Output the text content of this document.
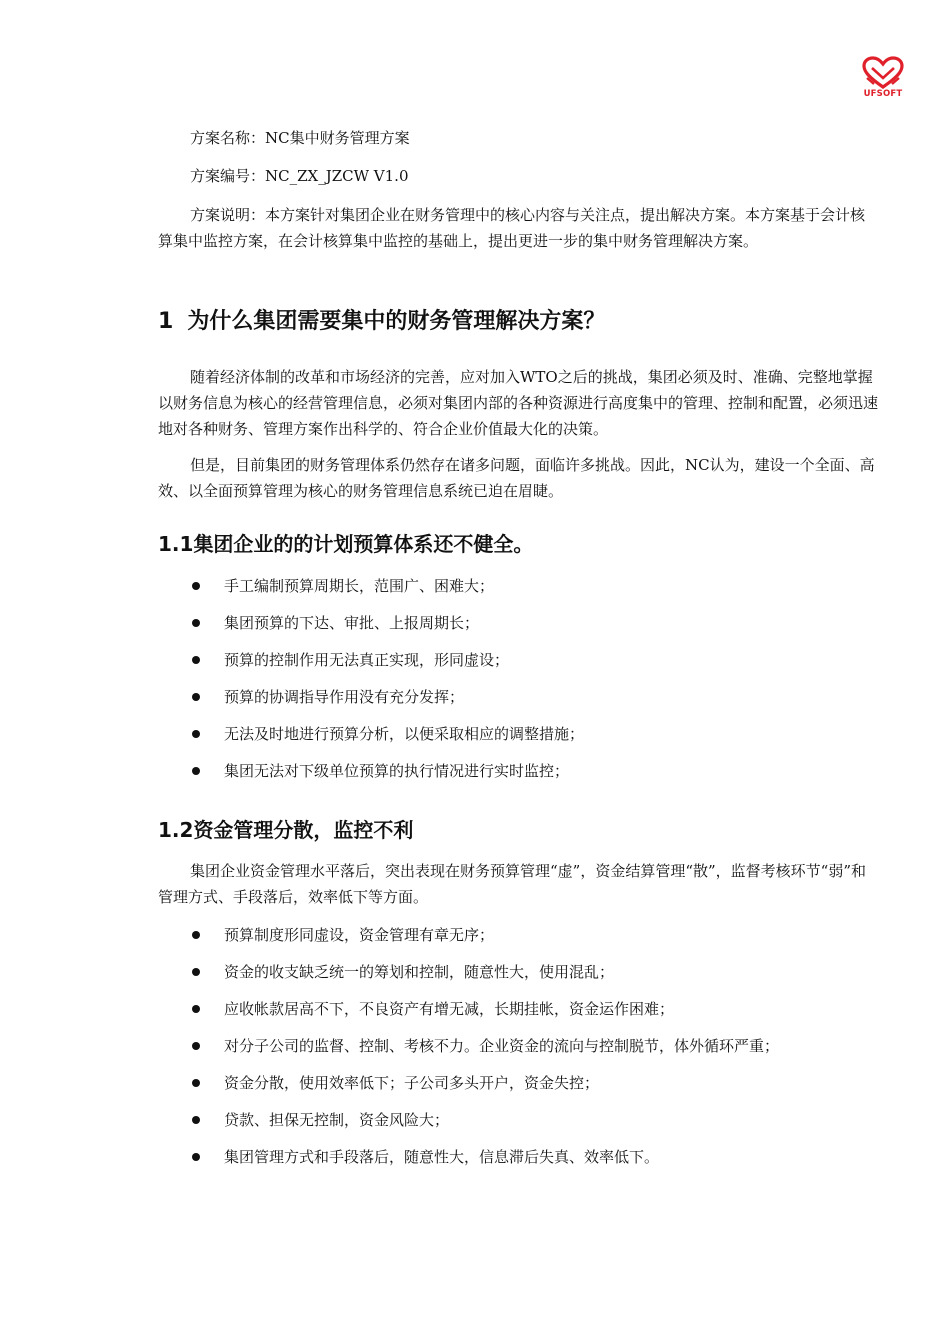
UFSOFT
方案名称：NC集中财务管理方案
方案编号：NC_ZX_JZCW V1.0
方案说明：本方案针对集团企业在财务管理中的核心内容与关注点，提出解决方案。本方案基于会计核算集中监控方案，在会计核算集中监控的基础上，提出更进一步的集中财务管理解决方案。
1 为什么集团需要集中的财务管理解决方案？
随着经济体制的改革和市场经济的完善，应对加入WTO之后的挑战，集团必须及时、准确、完整地掌握以财务信息为核心的经营管理信息，必须对集团内部的各种资源进行高度集中的管理、控制和配置，必须迅速地对各种财务、管理方案作出科学的、符合企业价值最大化的决策。
但是，目前集团的财务管理体系仍然存在诸多问题，面临许多挑战。因此，NC认为，建设一个全面、高效、以全面预算管理为核心的财务管理信息系统已迫在眉睫。
1.1集团企业的的计划预算体系还不健全。
手工编制预算周期长，范围广、困难大；
集团预算的下达、审批、上报周期长；
预算的控制作用无法真正实现，形同虚设；
预算的协调指导作用没有充分发挥；
无法及时地进行预算分析，以便采取相应的调整措施；
集团无法对下级单位预算的执行情况进行实时监控；
1.2资金管理分散，监控不利
集团企业资金管理水平落后，突出表现在财务预算管理“虚”，资金结算管理“散”，监督考核环节“弱”和管理方式、手段落后，效率低下等方面。
预算制度形同虚设，资金管理有章无序；
资金的收支缺乏统一的筹划和控制，随意性大，使用混乱；
应收帐款居高不下，不良资产有增无减，长期挂帐，资金运作困难；
对分子公司的监督、控制、考核不力。企业资金的流向与控制脱节，体外循环严重；
资金分散，使用效率低下；子公司多头开户，资金失控；
贷款、担保无控制，资金风险大；
集团管理方式和手段落后，随意性大，信息滞后失真、效率低下。
